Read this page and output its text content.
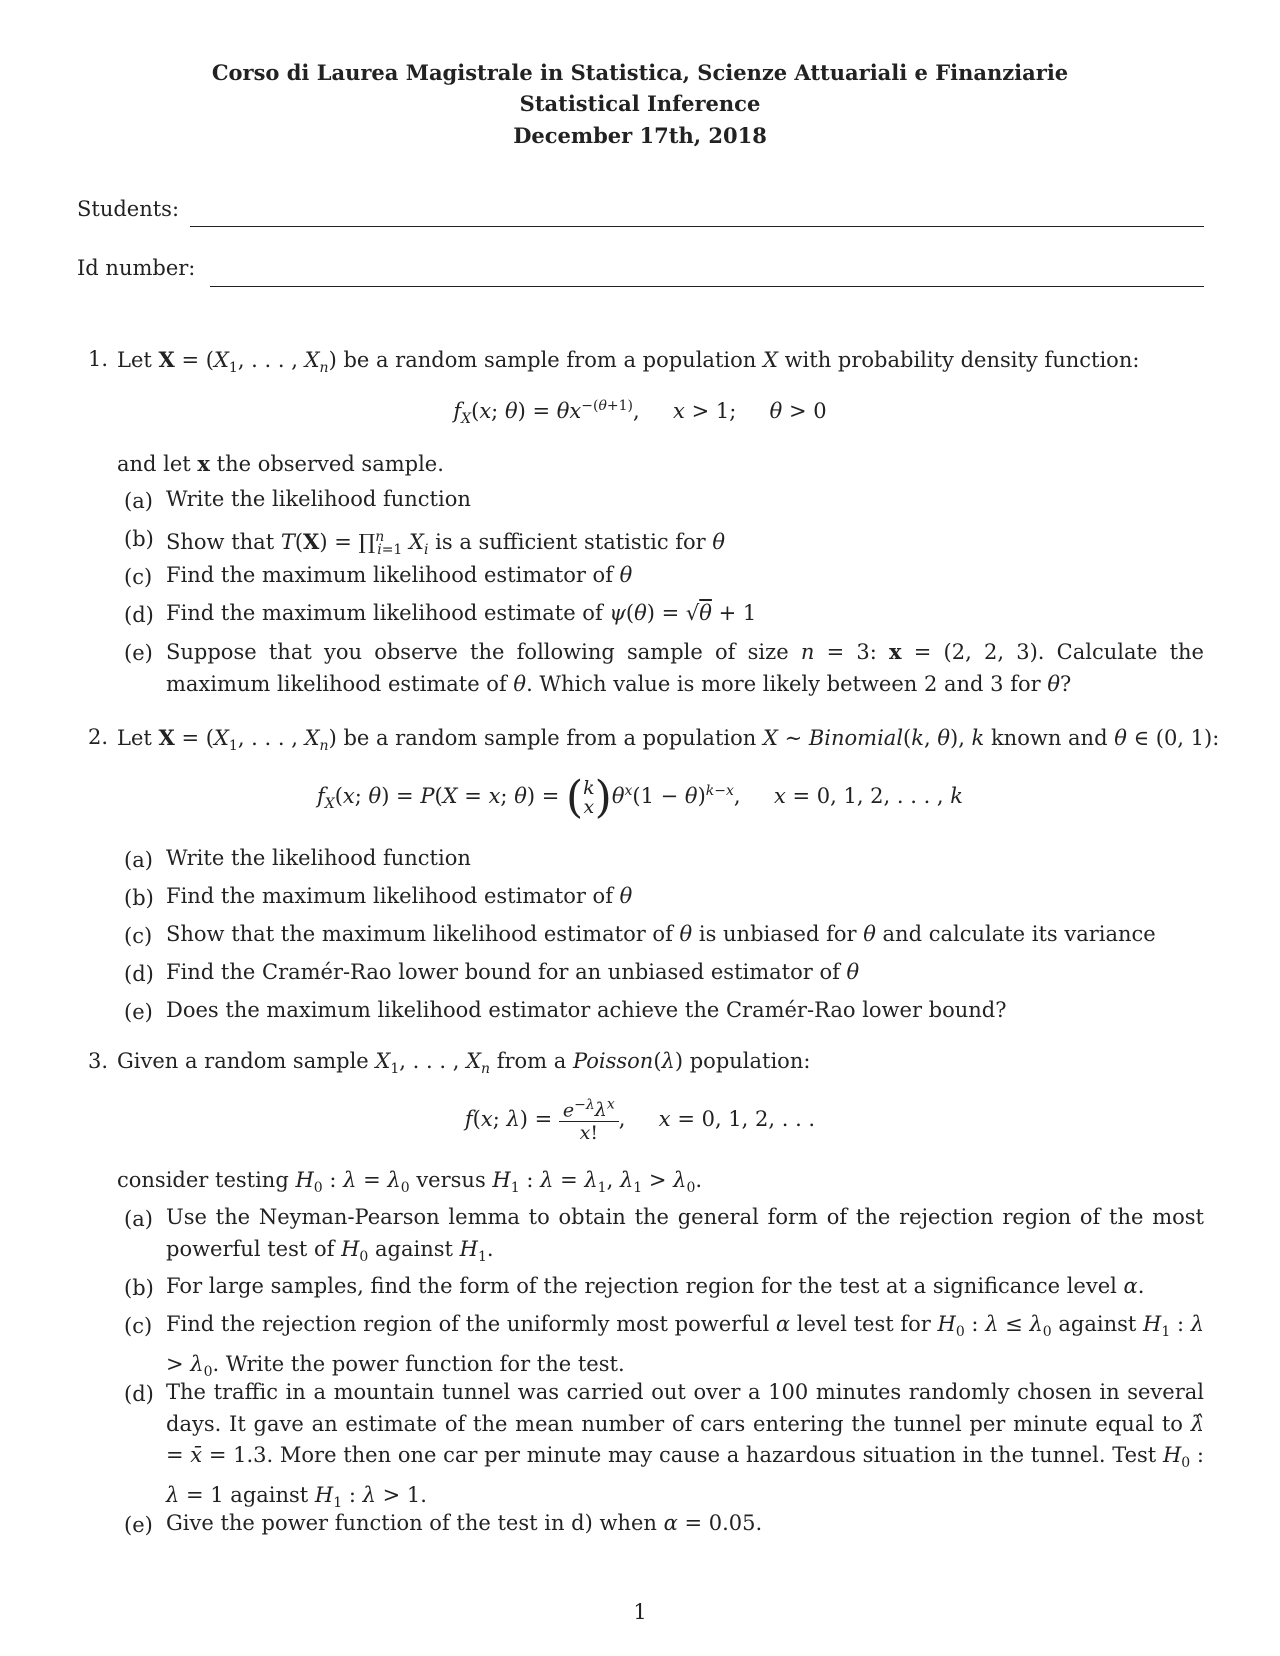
Corso di Laurea Magistrale in Statistica, Scienze Attuariali e Finanziarie
Statistical Inference
December 17th, 2018
Students:
Id number:
1. Let $X = (X_1$, . . . , $X_n$) be a random sample from a population X with probability density function:
$f_X(x$; $\theta) = \theta x^{-(\theta+1)}$,     x > 1;     θ > 0
and let x the observed sample.
(a) Write the likelihood function
(b) Show that T(X) = ∏$^n_{i=1}$ $X_i$ is a sufficient statistic for θ
(c) Find the maximum likelihood estimator of θ
(d) Find the maximum likelihood estimate of ψ(θ) = √θ + 1
(e) Suppose that you observe the following sample of size n = 3: x = (2, 2, 3). Calculate the maximum likelihood estimate of θ. Which value is more likely between 2 and 3 for θ?
2. Let $X = (X_1$, . . . , $X_n$) be a random sample from a population X ∼ Binomial(k, θ), k known and θ ∈ (0, 1):
$f_X(x$; θ) = P(X = x; θ) = (k
$x)\theta^x(1 - \theta)^{k-x}$,     x = 0, 1, 2, . . . , k
(a) Write the likelihood function
(b) Find the maximum likelihood estimator of θ
(c) Show that the maximum likelihood estimator of θ is unbiased for θ and calculate its variance
(d) Find the Cramér-Rao lower bound for an unbiased estimator of θ
(e) Does the maximum likelihood estimator achieve the Cramér-Rao lower bound?
3. Given a random sample $X_1$, . . . , $X_n$ from a Poisson(λ) population:
f(x; $\lambda) = \frac{e^{-\lambda}\lambda^x}{x!}$ ,     x = 0, 1, 2, . . .
consider testing $H_0$ : $\lambda = \lambda_0$ versus $H_1$ : $\lambda = \lambda_1$, $\lambda_1 > \lambda_0$.
(a) Use the Neyman-Pearson lemma to obtain the general form of the rejection region of the most powerful test of $H_0$ against $H_1$.
(b) For large samples, find the form of the rejection region for the test at a significance level α.
(c) Find the rejection region of the uniformly most powerful α level test for $H_0$ : $\lambda \le \lambda_0$ against $H_1$ : $\lambda > \lambda_0$. Write the power function for the test.
(d) The traffic in a mountain tunnel was carried out over a 100 minutes randomly chosen in several days. It gave an estimate of the mean number of cars entering the tunnel per minute equal to λ̂ = x̄ = 1.3. More then one car per minute may cause a hazardous situation in the tunnel. Test $H_0$ : λ = 1 against $H_1$ : λ > 1.
(e) Give the power function of the test in d) when α = 0.05.
1
